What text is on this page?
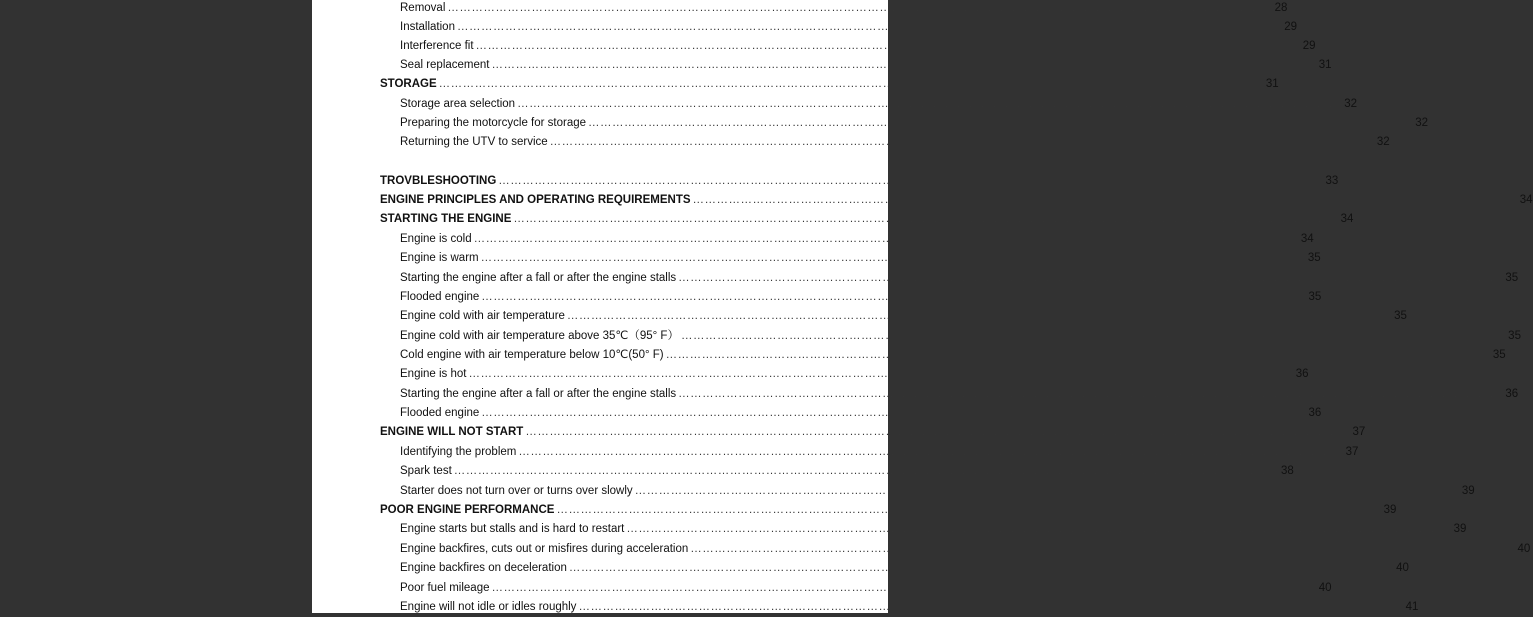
Removal ……………………………………………………………………………………………………………………………………………………………………………………	28
Installation ……………………………………………………………………………………………………………………………………………………………………………………	29
Interference fit ……………………………………………………………………………………………………………………………………………………………………………………	29
Seal replacement ……………………………………………………………………………………………………………………………………………………………………………………	31
STORAGE ……………………………………………………………………………………………………………………………………………………………………………………	31
Storage area selection ……………………………………………………………………………………………………………………………………………………………………………………	32
Preparing the motorcycle for storage ……………………………………………………………………………………………………………………………………………………………………………………	32
Returning the UTV to service ……………………………………………………………………………………………………………………………………………………………………………………	32
TROVBLESHOOTING ……………………………………………………………………………………………………………………………………………………………………………………	33
ENGINE PRINCIPLES AND OPERATING REQUIREMENTS ……………………………………………………………………………………………………………………………………………………………………………………	34
STARTING THE ENGINE ……………………………………………………………………………………………………………………………………………………………………………………	34
Engine is cold ……………………………………………………………………………………………………………………………………………………………………………………	34
Engine is warm ……………………………………………………………………………………………………………………………………………………………………………………	35
Starting the engine after a fall or after the engine stalls ……………………………………………………………………………………………………………………………………………………………………………………	35
Flooded engine ……………………………………………………………………………………………………………………………………………………………………………………	35
Engine cold with air temperature ……………………………………………………………………………………………………………………………………………………………………………………	35
Engine cold with air temperature above 35℃（95° F） ……………………………………………………………………………………………………………………………………………………………………………………	35
Cold engine with air temperature below 10℃(50° F) ……………………………………………………………………………………………………………………………………………………………………………………	35
Engine is hot ……………………………………………………………………………………………………………………………………………………………………………………	36
Starting the engine after a fall or after the engine stalls ……………………………………………………………………………………………………………………………………………………………………………………	36
Flooded engine ……………………………………………………………………………………………………………………………………………………………………………………	36
ENGINE WILL NOT START ……………………………………………………………………………………………………………………………………………………………………………………	37
Identifying the problem ……………………………………………………………………………………………………………………………………………………………………………………	37
Spark test ……………………………………………………………………………………………………………………………………………………………………………………	38
Starter does not turn over or turns over slowly ……………………………………………………………………………………………………………………………………………………………………………………	39
POOR ENGINE PERFORMANCE ……………………………………………………………………………………………………………………………………………………………………………………	39
Engine starts but stalls and is hard to restart ……………………………………………………………………………………………………………………………………………………………………………………	39
Engine backfires, cuts out or misfires during acceleration ……………………………………………………………………………………………………………………………………………………………………………………	40
Engine backfires on deceleration ……………………………………………………………………………………………………………………………………………………………………………………	40
Poor fuel mileage ……………………………………………………………………………………………………………………………………………………………………………………	40
Engine will not idle or idles roughly ……………………………………………………………………………………………………………………………………………………………………………………	41
